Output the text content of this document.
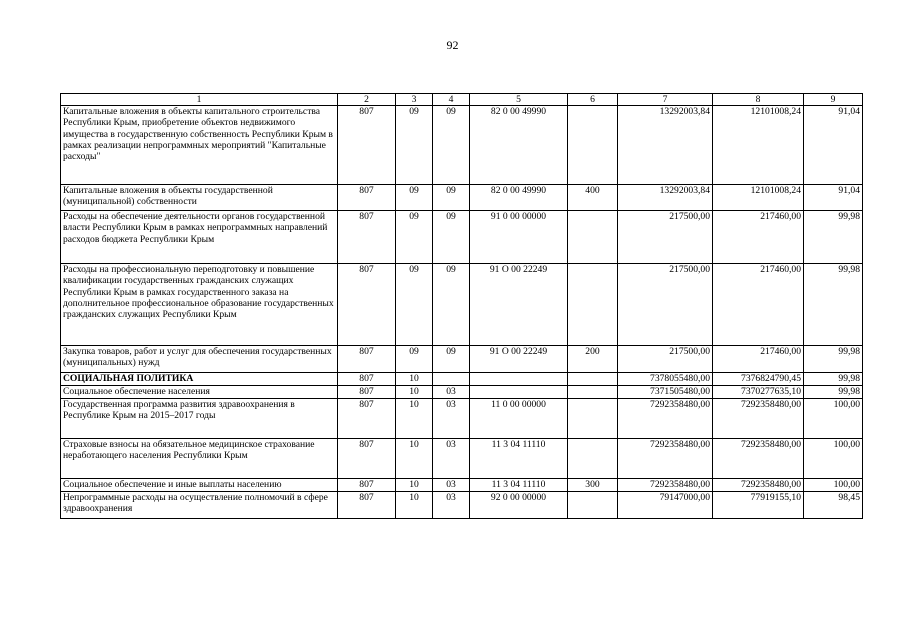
92
1	2	3	4	5	6	7	8	9
Капитальные вложения в объекты капитального строительства Республики Крым, приобретение объектов недвижимого имущества в государственную собственность Республики Крым в рамках реализации непрограммных мероприятий "Капитальные расходы"	807	09	09	82 0 00 49990		13292003,84	12101008,24	91,04
Капитальные вложения в объекты государственной (муниципальной) собственности	807	09	09	82 0 00 49990	400	13292003,84	12101008,24	91,04
Расходы на обеспечение деятельности органов государственной власти Республики Крым в рамках непрограммных направлений расходов бюджета Республики Крым	807	09	09	91 0 00 00000		217500,00	217460,00	99,98
Расходы на профессиональную переподготовку и повышение квалификации государственных гражданских служащих Республики Крым в рамках государственного заказа на дополнительное профессиональное образование государственных гражданских служащих Республики Крым	807	09	09	91 О 00 22249		217500,00	217460,00	99,98
Закупка товаров, работ и услуг для обеспечения государственных (муниципальных) нужд	807	09	09	91 О 00 22249	200	217500,00	217460,00	99,98
СОЦИАЛЬНАЯ ПОЛИТИКА	807	10				7378055480,00	7376824790,45	99,98
Социальное обеспечение населения	807	10	03			7371505480,00	7370277635,10	99,98
Государственная программа развития здравоохранения в Республике Крым на 2015–2017 годы	807	10	03	11 0 00 00000		7292358480,00	7292358480,00	100,00
Страховые взносы на обязательное медицинское страхование неработающего населения Республики Крым	807	10	03	11 3 04 11110		7292358480,00	7292358480,00	100,00
Социальное обеспечение и иные выплаты населению	807	10	03	11 3 04 11110	300	7292358480,00	7292358480,00	100,00
Непрограммные расходы на осуществление полномочий в сфере здравоохранения	807	10	03	92 0 00 00000		79147000,00	77919155,10	98,45
